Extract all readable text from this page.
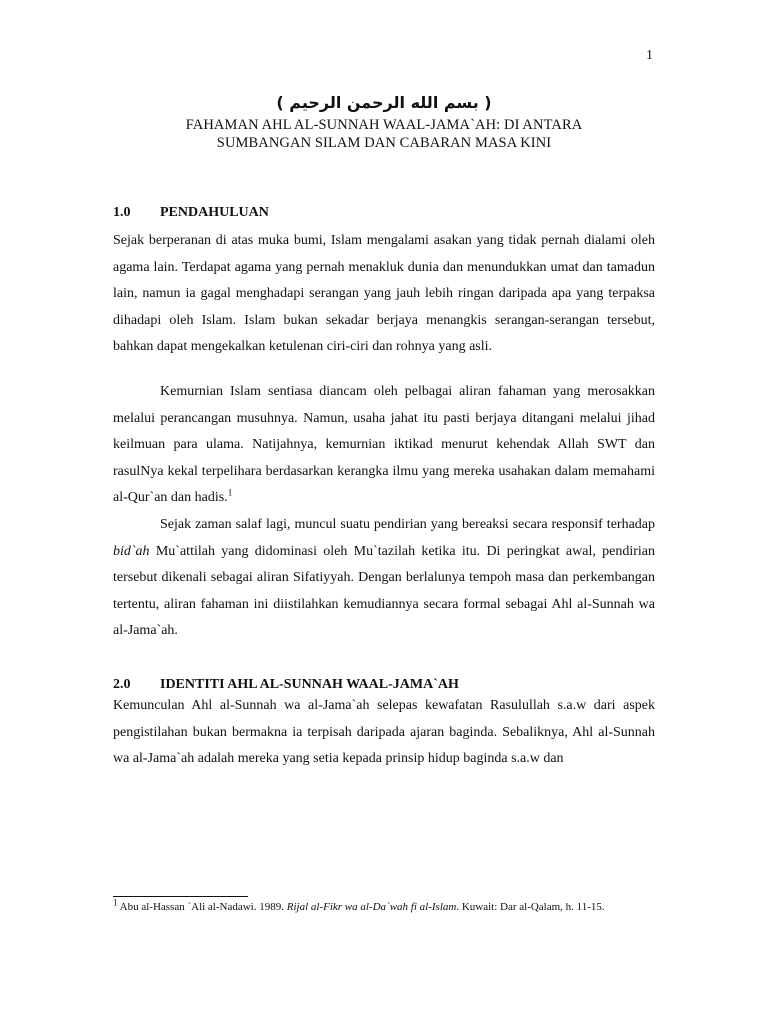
1
( بسم الله الرحمن الرحيم )
FAHAMAN AHL AL-SUNNAH WAAL-JAMA`AH: DI ANTARA
SUMBANGAN SILAM DAN CABARAN MASA KINI
1.0 PENDAHULUAN

Sejak berperanan di atas muka bumi, Islam mengalami asakan yang tidak pernah dialami oleh agama lain. Terdapat agama yang pernah menakluk dunia dan menundukkan umat dan tamadun lain, namun ia gagal menghadapi serangan yang jauh lebih ringan daripada apa yang terpaksa dihadapi oleh Islam. Islam bukan sekadar berjaya menangkis serangan-serangan tersebut, bahkan dapat mengekalkan ketulenan ciri-ciri dan rohnya yang asli.

Kemurnian Islam sentiasa diancam oleh pelbagai aliran fahaman yang merosakkan melalui perancangan musuhnya. Namun, usaha jahat itu pasti berjaya ditangani melalui jihad keilmuan para ulama. Natijahnya, kemurnian iktikad menurut kehendak Allah SWT dan rasulNya kekal terpelihara berdasarkan kerangka ilmu yang mereka usahakan dalam memahami al-Qur`an dan hadis.$^1$

Sejak zaman salaf lagi, muncul suatu pendirian yang bereaksi secara responsif terhadap bid`ah Mu`attilah yang didominasi oleh Mu`tazilah ketika itu. Di peringkat awal, pendirian tersebut dikenali sebagai aliran Sifatiyyah. Dengan berlalunya tempoh masa dan perkembangan tertentu, aliran fahaman ini diistilahkan kemudiannya secara formal sebagai Ahl al-Sunnah wa al-Jama`ah.

2.0 IDENTITI AHL AL-SUNNAH WAAL-JAMA`AH

Kemunculan Ahl al-Sunnah wa al-Jama`ah selepas kewafatan Rasulullah s.a.w dari aspek pengistilahan bukan bermakna ia terpisah daripada ajaran baginda. Sebaliknya, Ahl al-Sunnah wa al-Jama`ah adalah mereka yang setia kepada prinsip hidup baginda s.a.w dan

$^1$ Abu al-Hassan `Ali al-Nadawi. 1989. Rijal al-Fikr wa al-Da`wah fi al-Islam. Kuwait: Dar al-Qalam, h. 11-15.
